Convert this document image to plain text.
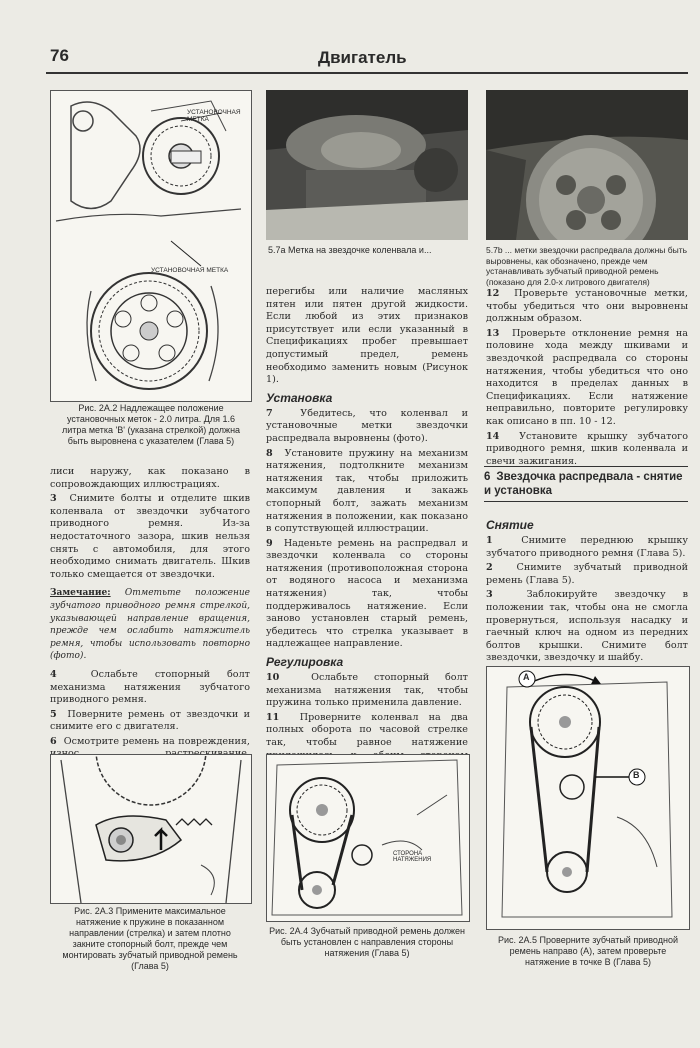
76	Двигатель
УСТАНОВОЧНАЯ МЕТКА
УСТАНОВОЧНАЯ МЕТКА
Рис. 2А.2 Надлежащее положение установочных меток - 2.0 литра. Для 1.6 литра метка 'В' (указана стрелкой) должна быть выровнена с указателем (Глава 5)

лиси наружу, как показано в сопровождающих иллюстрациях.

3 Снимите болты и отделите шкив коленвала от звездочки зубчатого приводного ремня. Из-за недостаточного зазора, шкив нельзя снять с автомобиля, для этого необходимо снимать двигатель. Шкив только смещается от звездочки.

Замечание: Отметьте положение зубчатого приводного ремня стрелкой, указывающей направление вращения, прежде чем ослабить натяжитель ремня, чтобы использовать повторно (фото).

4	Ослабьте стопорный болт механизма натяжения зубчатого приводного ремня.

5 Поверните ремень от звездочки и снимите его с двигателя.

6 Осмотрите ремень на повреждения,

Рис. 2А.3 Примените максимальное натяжение к пружине в показанном направлении (стрелка) и затем плотно закните стопорный болт, прежде чем монтировать зубчатый приводной ремень (Глава 5)
5.7а Метка на звездочке коленвала и...

перегибы или наличие масляных пятен или пятен другой жидкости. Если любой из этих признаков присутствует или если указанный в Спецификациях пробег превышает допустимый предел, ремень необходимо заменить новым (Рисунок 1).

Установка

7	Убедитесь, что коленвал и установочные метки звездочки распредвала выровнены (фото).

8 Установите пружину на механизм натяжения, подтолкните механизм натяжения так, чтобы приложить максимум давления и закажь стопорный болт, зажать механизм натяжения в положении, как показано в сопутствующей иллюстрации.

9 Наденьте ремень на распредвал и звездочки коленвала со стороны натяжения (противоположная сторона от водяного насоса и механизма натяжения) так, чтобы поддерживалось натяжение. Если заново установлен старый ремень, убедитесь что стрелка указывает в надлежащее направление.

Регулировка

10	Ослабьте стопорный болт механизма натяжения так, чтобы пружина только применила давление.

11 Проверните коленвал на два полных оборота по часовой стрелке так, чтобы равное натяжение

СТОРОНА НАТЯЖЕНИЯ
Рис. 2А.4 Зубчатый приводной ремень должен быть установлен с направления стороны натяжения (Глава 5)
5.7b ... метки звездочки распредвала должны быть выровнены, как обозначено, прежде чем устанавливать зубчатый приводной ремень (показано для 2.0-х литрового двигателя)

12 Проверьте установочные метки, чтобы убедиться что они выровнены должным образом.

13 Проверьте отклонение ремня на половине хода между шкивами и звездочкой распредвала со стороны натяжения, чтобы убедиться что оно находится в пределах данных в Спецификациях. Если натяжение неправильно, повторите регулировку как описано в пп. 10 - 12.

14 Установите крышку зубчатого приводного ремня, шкив коленвала и свечи зажигания.

6 Звездочка распредвала - снятие и установка
Снятие

1	Снимите переднюю крышку зубчатого приводного ремня (Глава 5).

2 Снимите зубчатый приводной ремень (Глава 5).

3	Заблокируйте звездочку в положении так, чтобы она не смогла провернуться, используя насадку и гаечный ключ на одном из передних болтов крышки. Снимите болт звездочки, звездочку и шайбу.

A
B
Рис. 2А.5 Проверните зубчатый приводной ремень направо (А), затем проверьте натяжение в точке В (Глава 5)
